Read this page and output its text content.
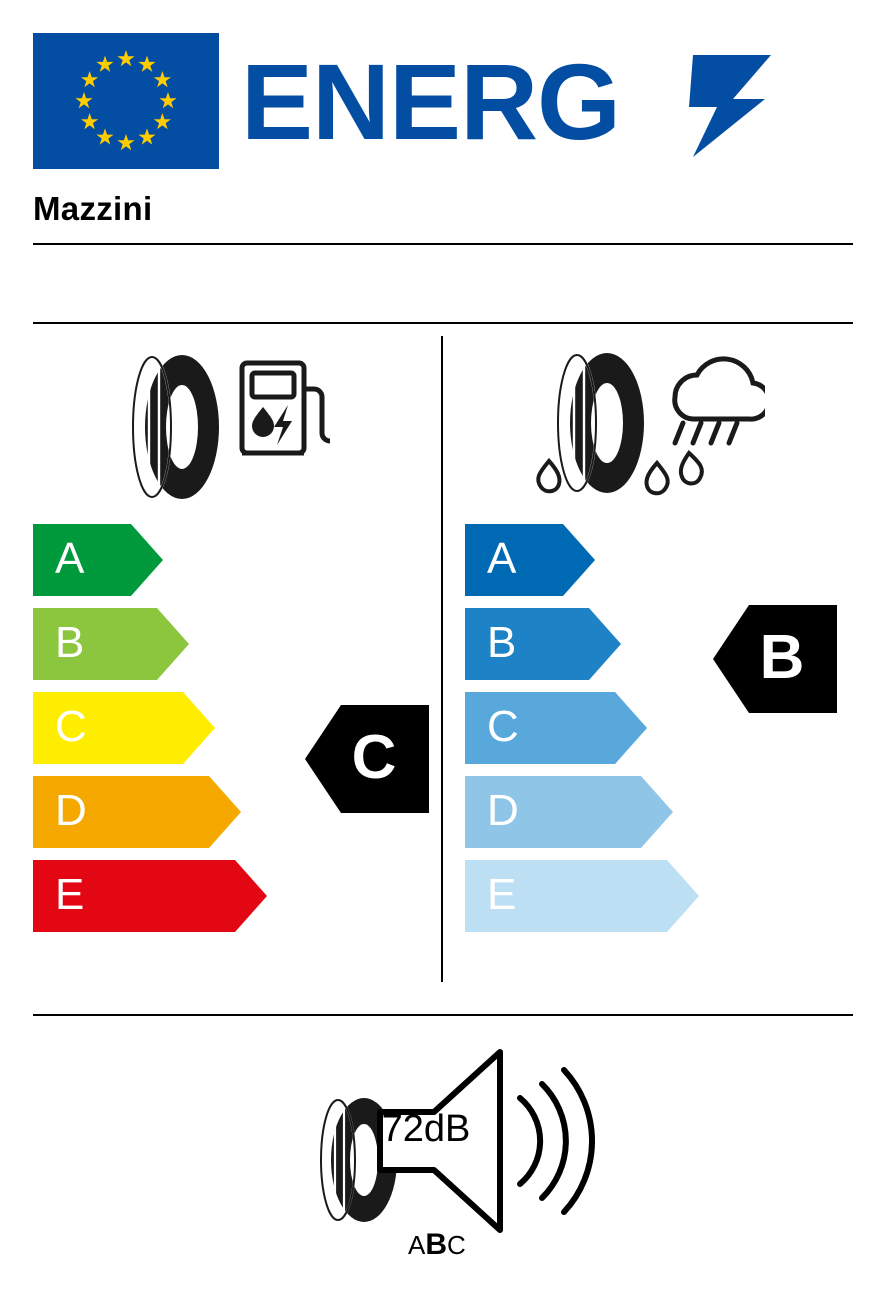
ENERG
Mazzini
A
B
C
D
E
A
B
C
D
E
C
B
72dB
ABC
